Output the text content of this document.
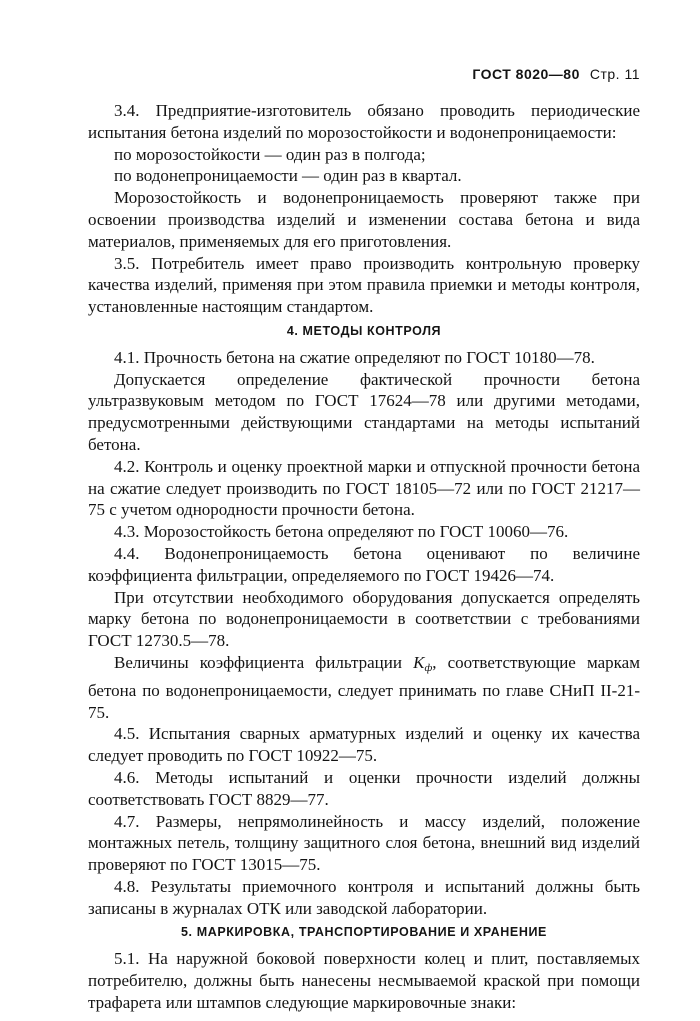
ГОСТ 8020—80 Стр. 11

3.4. Предприятие-изготовитель обязано проводить периодические испытания бетона изделий по морозостойкости и водонепроницаемости:

по морозостойкости — один раз в полгода;

по водонепроницаемости — один раз в квартал.

Морозостойкость и водонепроницаемость проверяют также при освоении производства изделий и изменении состава бетона и вида материалов, применяемых для его приготовления.

3.5. Потребитель имеет право производить контрольную проверку качества изделий, применяя при этом правила приемки и методы контроля, установленные настоящим стандартом.

4. МЕТОДЫ КОНТРОЛЯ

4.1. Прочность бетона на сжатие определяют по ГОСТ 10180—78.

Допускается определение фактической прочности бетона ультразвуковым методом по ГОСТ 17624—78 или другими методами, предусмотренными действующими стандартами на методы испытаний бетона.

4.2. Контроль и оценку проектной марки и отпускной прочности бетона на сжатие следует производить по ГОСТ 18105—72 или по ГОСТ 21217—75 с учетом однородности прочности бетона.

4.3. Морозостойкость бетона определяют по ГОСТ 10060—76.

4.4. Водонепроницаемость бетона оценивают по величине коэффициента фильтрации, определяемого по ГОСТ 19426—74.

При отсутствии необходимого оборудования допускается определять марку бетона по водонепроницаемости в соответствии с требованиями ГОСТ 12730.5—78.

Величины коэффициента фильтрации $K_ф$, соответствующие маркам бетона по водонепроницаемости, следует принимать по главе СНиП II-21-75.

4.5. Испытания сварных арматурных изделий и оценку их качества следует проводить по ГОСТ 10922—75.

4.6. Методы испытаний и оценки прочности изделий должны соответствовать ГОСТ 8829—77.

4.7. Размеры, непрямолинейность и массу изделий, положение монтажных петель, толщину защитного слоя бетона, внешний вид изделий проверяют по ГОСТ 13015—75.

4.8. Результаты приемочного контроля и испытаний должны быть записаны в журналах ОТК или заводской лаборатории.

5. МАРКИРОВКА, ТРАНСПОРТИРОВАНИЕ И ХРАНЕНИЕ

5.1. На наружной боковой поверхности колец и плит, поставляемых потребителю, должны быть нанесены несмываемой краской при помощи трафарета или штампов следующие маркировочные знаки:
